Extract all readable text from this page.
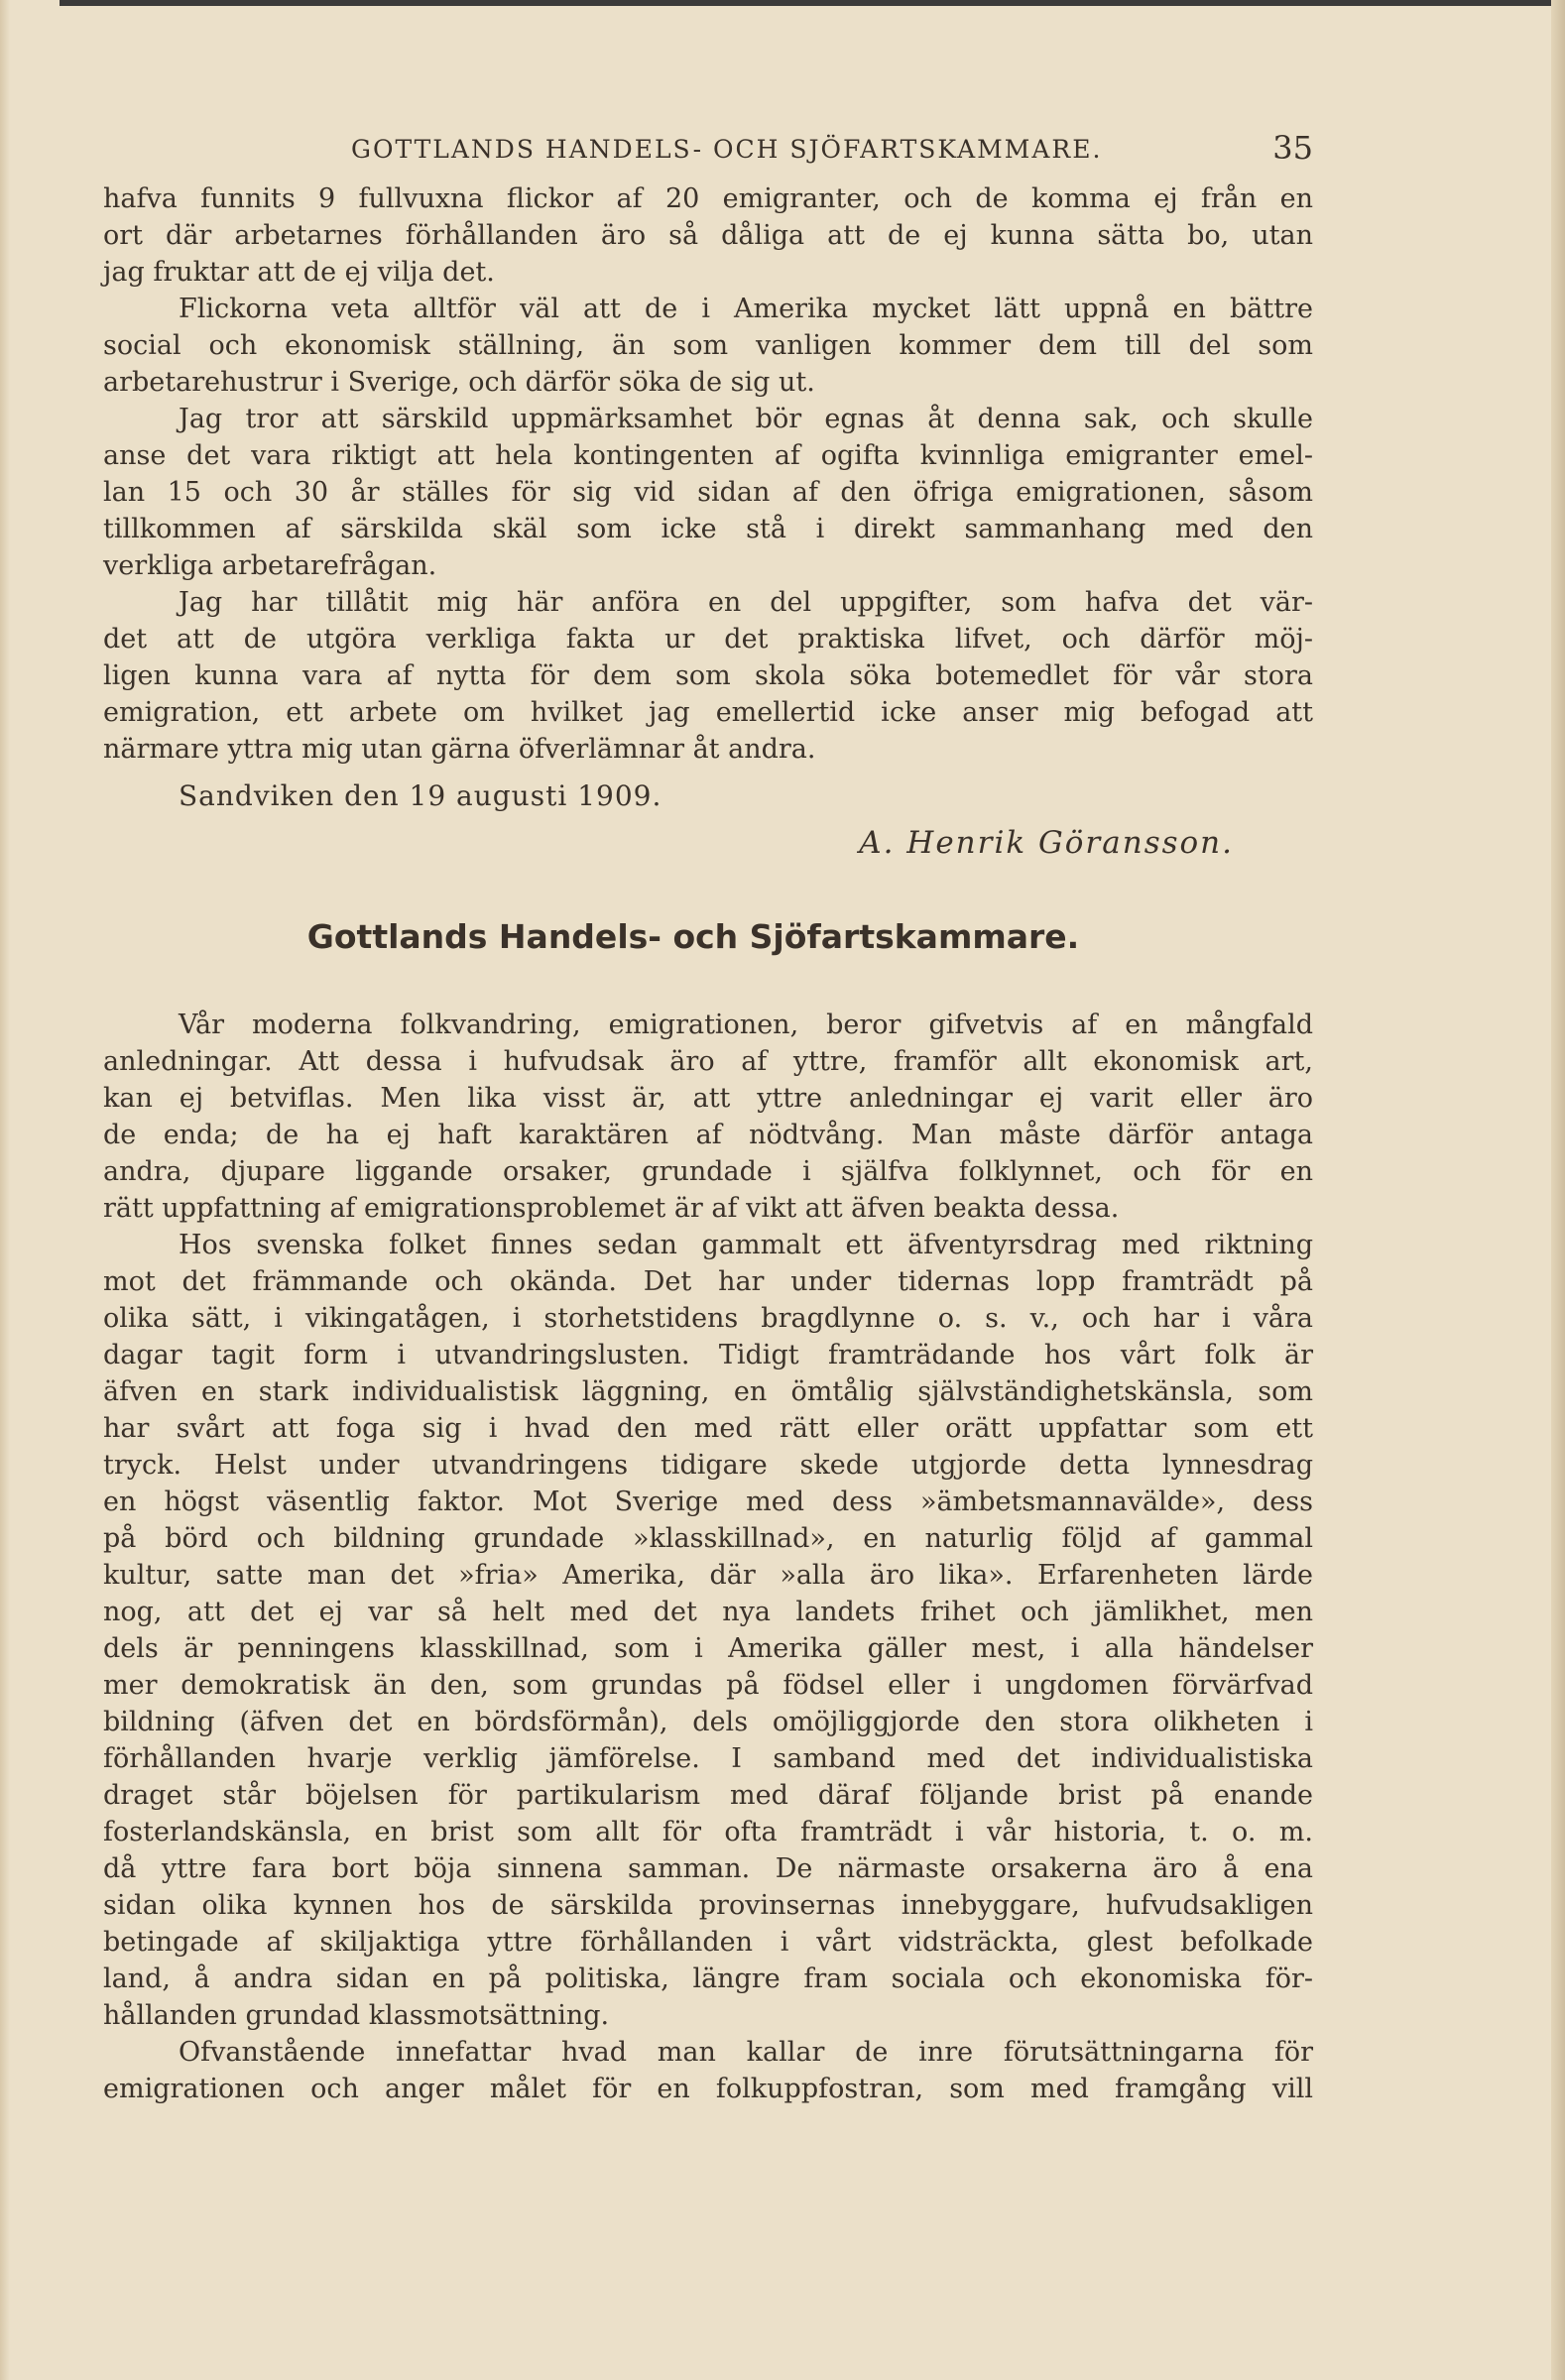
GOTTLANDS HANDELS- OCH SJÖFARTSKAMMARE.	35
hafva funnits 9 fullvuxna flickor af 20 emigranter, och de komma ej från en
ort där arbetarnes förhållanden äro så dåliga att de ej kunna sätta bo, utan
jag fruktar att de ej vilja det.
Flickorna veta alltför väl att de i Amerika mycket lätt uppnå en bättre
social och ekonomisk ställning, än som vanligen kommer dem till del som
arbetarehustrur i Sverige, och därför söka de sig ut.
Jag tror att särskild uppmärksamhet bör egnas åt denna sak, och skulle
anse det vara riktigt att hela kontingenten af ogifta kvinnliga emigranter emel-
lan 15 och 30 år ställes för sig vid sidan af den öfriga emigrationen, såsom
tillkommen af särskilda skäl som icke stå i direkt sammanhang med den
verkliga arbetarefrågan.
Jag har tillåtit mig här anföra en del uppgifter, som hafva det vär-
det att de utgöra verkliga fakta ur det praktiska lifvet, och därför möj-
ligen kunna vara af nytta för dem som skola söka botemedlet för vår stora
emigration, ett arbete om hvilket jag emellertid icke anser mig befogad att
närmare yttra mig utan gärna öfverlämnar åt andra.
Sandviken den 19 augusti 1909.
A. Henrik Göransson.
Gottlands Handels- och Sjöfartskammare.
Vår moderna folkvandring, emigrationen, beror gifvetvis af en mångfald
anledningar. Att dessa i hufvudsak äro af yttre, framför allt ekonomisk art,
kan ej betviflas. Men lika visst är, att yttre anledningar ej varit eller äro
de enda; de ha ej haft karaktären af nödtvång. Man måste därför antaga
andra, djupare liggande orsaker, grundade i själfva folklynnet, och för en
rätt uppfattning af emigrationsproblemet är af vikt att äfven beakta dessa.
Hos svenska folket finnes sedan gammalt ett äfventyrsdrag med riktning
mot det främmande och okända. Det har under tidernas lopp framträdt på
olika sätt, i vikingatågen, i storhetstidens bragdlynne o. s. v., och har i våra
dagar tagit form i utvandringslusten. Tidigt framträdande hos vårt folk är
äfven en stark individualistisk läggning, en ömtålig självständighetskänsla, som
har svårt att foga sig i hvad den med rätt eller orätt uppfattar som ett
tryck. Helst under utvandringens tidigare skede utgjorde detta lynnesdrag
en högst väsentlig faktor. Mot Sverige med dess »ämbetsmannavälde», dess
på börd och bildning grundade »klasskillnad», en naturlig följd af gammal
kultur, satte man det »fria» Amerika, där »alla äro lika». Erfarenheten lärde
nog, att det ej var så helt med det nya landets frihet och jämlikhet, men
dels är penningens klasskillnad, som i Amerika gäller mest, i alla händelser
mer demokratisk än den, som grundas på födsel eller i ungdomen förvärfvad
bildning (äfven det en bördsförmån), dels omöjliggjorde den stora olikheten i
förhållanden hvarje verklig jämförelse. I samband med det individualistiska
draget står böjelsen för partikularism med däraf följande brist på enande
fosterlandskänsla, en brist som allt för ofta framträdt i vår historia, t. o. m.
då yttre fara bort böja sinnena samman. De närmaste orsakerna äro å ena
sidan olika kynnen hos de särskilda provinsernas innebyggare, hufvudsakligen
betingade af skiljaktiga yttre förhållanden i vårt vidsträckta, glest befolkade
land, å andra sidan en på politiska, längre fram sociala och ekonomiska för-
hållanden grundad klassmotsättning.
Ofvanstående innefattar hvad man kallar de inre förutsättningarna för
emigrationen och anger målet för en folkuppfostran, som med framgång vill
